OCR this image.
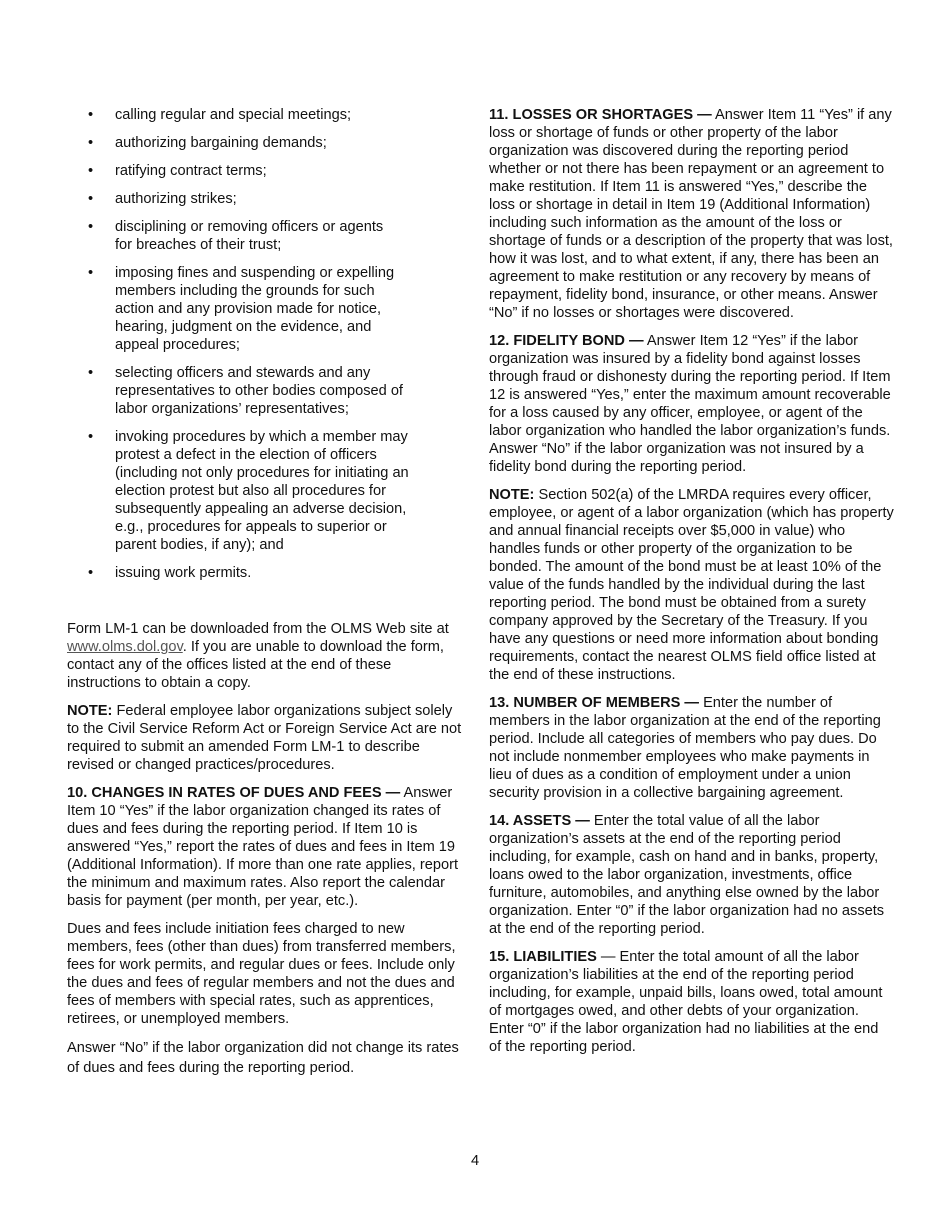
• calling regular and special meetings;
• authorizing bargaining demands;
• ratifying contract terms;
• authorizing strikes;
• disciplining or removing officers or agents for breaches of their trust;
• imposing fines and suspending or expelling members including the grounds for such action and any provision made for notice, hearing, judgment on the evidence, and appeal procedures;
• selecting officers and stewards and any representatives to other bodies composed of labor organizations’ representatives;
• invoking procedures by which a member may protest a defect in the election of officers (including not only procedures for initiating an election protest but also all procedures for subsequently appealing an adverse decision, e.g., procedures for appeals to superior or parent bodies, if any); and
• issuing work permits.

Form LM-1 can be downloaded from the OLMS Web site at www.olms.dol.gov. If you are unable to download the form, contact any of the offices listed at the end of these instructions to obtain a copy.

NOTE: Federal employee labor organizations subject solely to the Civil Service Reform Act or Foreign Service Act are not required to submit an amended Form LM-1 to describe revised or changed practices/procedures.

10. CHANGES IN RATES OF DUES AND FEES — Answer Item 10 “Yes” if the labor organization changed its rates of dues and fees during the reporting period. If Item 10 is answered “Yes,” report the rates of dues and fees in Item 19 (Additional Information). If more than one rate applies, report the minimum and maximum rates. Also report the calendar basis for payment (per month, per year, etc.).

Dues and fees include initiation fees charged to new members, fees (other than dues) from transferred members, fees for work permits, and regular dues or fees. Include only the dues and fees of regular members and not the dues and fees of members with special rates, such as apprentices, retirees, or unemployed members.

Answer “No” if the labor organization did not change its rates of dues and fees during the reporting period.

11. LOSSES OR SHORTAGES — Answer Item 11 “Yes” if any loss or shortage of funds or other property of the labor organization was discovered during the reporting period whether or not there has been repayment or an agreement to make restitution. If Item 11 is answered “Yes,” describe the loss or shortage in detail in Item 19 (Additional Information) including such information as the amount of the loss or shortage of funds or a description of the property that was lost, how it was lost, and to what extent, if any, there has been an agreement to make restitution or any recovery by means of repayment, fidelity bond, insurance, or other means. Answer “No” if no losses or shortages were discovered.

12. FIDELITY BOND — Answer Item 12 “Yes” if the labor organization was insured by a fidelity bond against losses through fraud or dishonesty during the reporting period. If Item 12 is answered “Yes,” enter the maximum amount recoverable for a loss caused by any officer, employee, or agent of the labor organization who handled the labor organization’s funds. Answer “No” if the labor organization was not insured by a fidelity bond during the reporting period.

NOTE: Section 502(a) of the LMRDA requires every officer, employee, or agent of a labor organization (which has property and annual financial receipts over $5,000 in value) who handles funds or other property of the organization to be bonded. The amount of the bond must be at least 10% of the value of the funds handled by the individual during the last reporting period. The bond must be obtained from a surety company approved by the Secretary of the Treasury. If you have any questions or need more information about bonding requirements, contact the nearest OLMS field office listed at the end of these instructions.

13. NUMBER OF MEMBERS — Enter the number of members in the labor organization at the end of the reporting period. Include all categories of members who pay dues. Do not include nonmember employees who make payments in lieu of dues as a condition of employment under a union security provision in a collective bargaining agreement.

14. ASSETS — Enter the total value of all the labor organization’s assets at the end of the reporting period including, for example, cash on hand and in banks, property, loans owed to the labor organization, investments, office furniture, automobiles, and anything else owned by the labor organization. Enter “0” if the labor organization had no assets at the end of the reporting period.

15. LIABILITIES — Enter the total amount of all the labor organization’s liabilities at the end of the reporting period including, for example, unpaid bills, loans owed, total amount of mortgages owed, and other debts of your organization. Enter “0” if the labor organization had no liabilities at the end of the reporting period.

4
